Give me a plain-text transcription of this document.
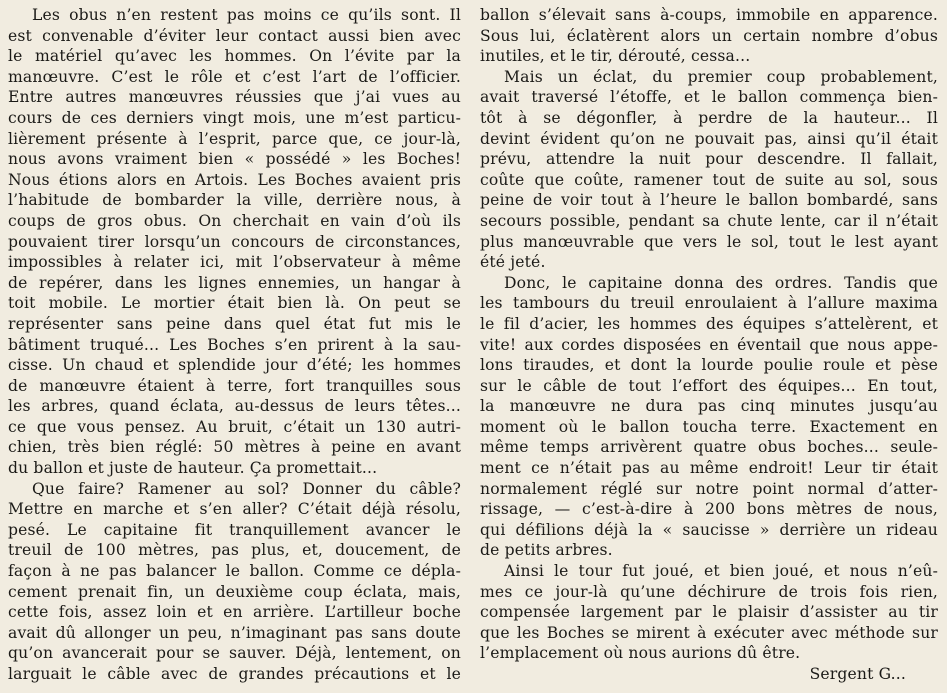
Les obus n’en restent pas moins ce qu’ils sont. Il
est convenable d’éviter leur contact aussi bien avec
le matériel qu’avec les hommes. On l’évite par la
manœuvre. C’est le rôle et c’est l’art de l’officier.
Entre autres manœuvres réussies que j’ai vues au
cours de ces derniers vingt mois, une m’est particu-
lièrement présente à l’esprit, parce que, ce jour-là,
nous avons vraiment bien « possédé » les Boches!
Nous étions alors en Artois. Les Boches avaient pris
l’habitude de bombarder la ville, derrière nous, à
coups de gros obus. On cherchait en vain d’où ils
pouvaient tirer lorsqu’un concours de circonstances,
impossibles à relater ici, mit l’observateur à même
de repérer, dans les lignes ennemies, un hangar à
toit mobile. Le mortier était bien là. On peut se
représenter sans peine dans quel état fut mis le
bâtiment truqué... Les Boches s’en prirent à la sau-
cisse. Un chaud et splendide jour d’été; les hommes
de manœuvre étaient à terre, fort tranquilles sous
les arbres, quand éclata, au-dessus de leurs têtes...
ce que vous pensez. Au bruit, c’était un 130 autri-
chien, très bien réglé: 50 mètres à peine en avant
du ballon et juste de hauteur. Ça promettait...
Que faire? Ramener au sol? Donner du câble?
Mettre en marche et s’en aller? C’était déjà résolu,
pesé. Le capitaine fit tranquillement avancer le
treuil de 100 mètres, pas plus, et, doucement, de
façon à ne pas balancer le ballon. Comme ce dépla-
cement prenait fin, un deuxième coup éclata, mais,
cette fois, assez loin et en arrière. L’artilleur boche
avait dû allonger un peu, n’imaginant pas sans doute
qu’on avancerait pour se sauver. Déjà, lentement, on
larguait le câble avec de grandes précautions et le
ballon s’élevait sans à-coups, immobile en apparence.
Sous lui, éclatèrent alors un certain nombre d’obus
inutiles, et le tir, dérouté, cessa...
Mais un éclat, du premier coup probablement,
avait traversé l’étoffe, et le ballon commença bien-
tôt à se dégonfler, à perdre de la hauteur... Il
devint évident qu’on ne pouvait pas, ainsi qu’il était
prévu, attendre la nuit pour descendre. Il fallait,
coûte que coûte, ramener tout de suite au sol, sous
peine de voir tout à l’heure le ballon bombardé, sans
secours possible, pendant sa chute lente, car il n’était
plus manœuvrable que vers le sol, tout le lest ayant
été jeté.
Donc, le capitaine donna des ordres. Tandis que
les tambours du treuil enroulaient à l’allure maxima
le fil d’acier, les hommes des équipes s’attelèrent, et
vite! aux cordes disposées en éventail que nous appe-
lons tiraudes, et dont la lourde poulie roule et pèse
sur le câble de tout l’effort des équipes... En tout,
la manœuvre ne dura pas cinq minutes jusqu’au
moment où le ballon toucha terre. Exactement en
même temps arrivèrent quatre obus boches... seule-
ment ce n’était pas au même endroit! Leur tir était
normalement réglé sur notre point normal d’atter-
rissage, — c’est-à-dire à 200 bons mètres de nous,
qui défilions déjà la « saucisse » derrière un rideau
de petits arbres.
Ainsi le tour fut joué, et bien joué, et nous n’eû-
mes ce jour-là qu’une déchirure de trois fois rien,
compensée largement par le plaisir d’assister au tir
que les Boches se mirent à exécuter avec méthode sur
l’emplacement où nous aurions dû être.
Sergent G...
